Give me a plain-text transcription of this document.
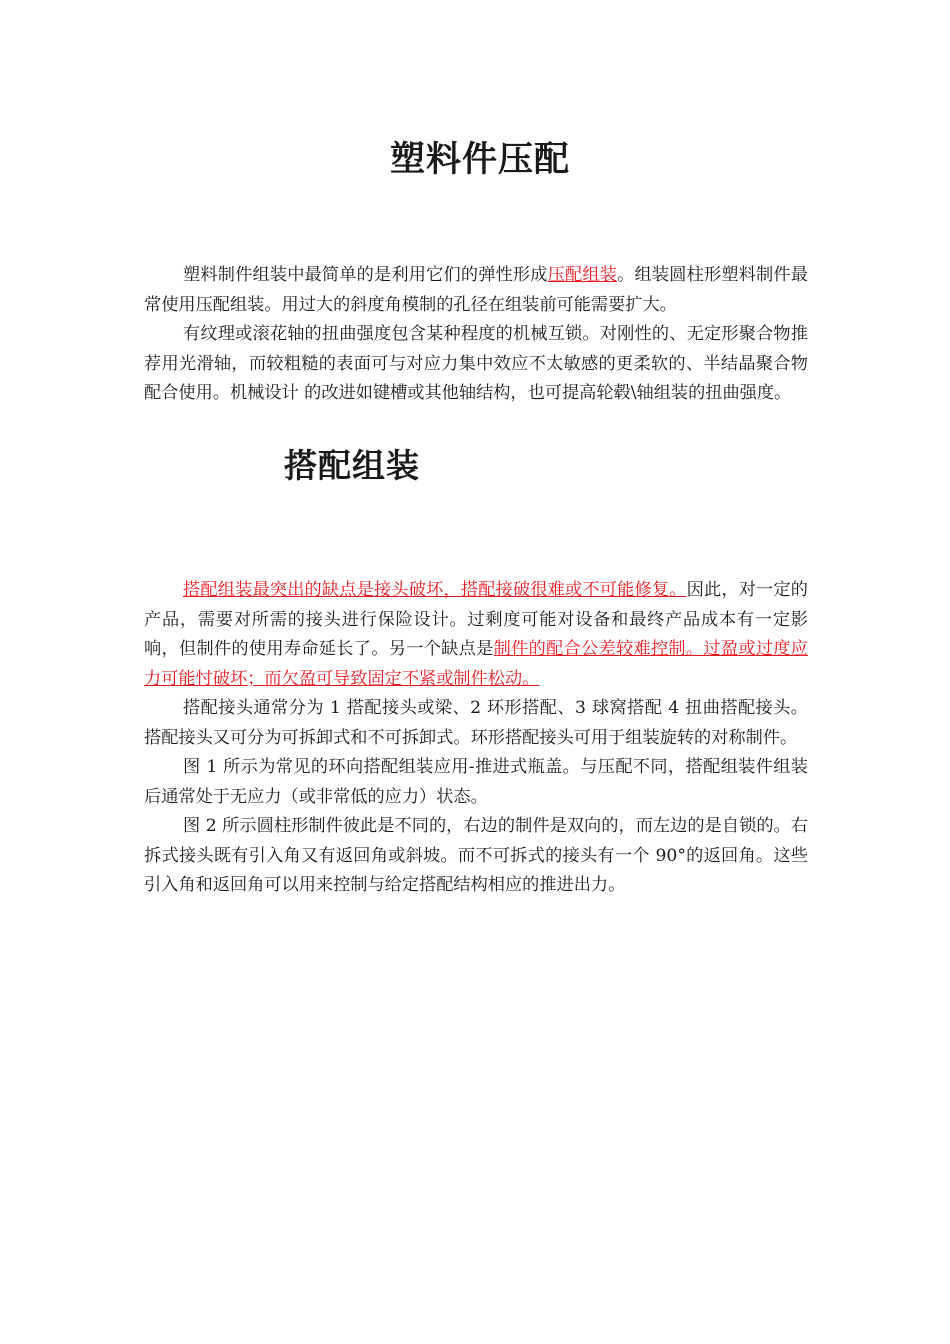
塑料件压配

塑料制件组装中最简单的是利用它们的弹性形成压配组装。组装圆柱形塑料制件最常使用压配组装。用过大的斜度角模制的孔径在组装前可能需要扩大。

有纹理或滚花轴的扭曲强度包含某种程度的机械互锁。对刚性的、无定形聚合物推荐用光滑轴，而较粗糙的表面可与对应力集中效应不太敏感的更柔软的、半结晶聚合物配合使用。机械设计 的改进如键槽或其他轴结构，也可提高轮毂\轴组装的扭曲强度。

搭配组装

搭配组装最突出的缺点是接头破坏，搭配接破很难或不可能修复。因此，对一定的产品，需要对所需的接头进行保险设计。过剩度可能对设备和最终产品成本有一定影响，但制件的使用寿命延长了。另一个缺点是制件的配合公差较难控制。过盈或过度应力可能忖破坏；而欠盈可导致固定不紧或制件松动。

搭配接头通常分为 1 搭配接头或梁、2 环形搭配、3 球窝搭配 4 扭曲搭配接头。搭配接头又可分为可拆卸式和不可拆卸式。环形搭配接头可用于组装旋转的对称制件。

图 1 所示为常见的环向搭配组装应用-推进式瓶盖。与压配不同，搭配组装件组装后通常处于无应力（或非常低的应力）状态。

图 2 所示圆柱形制件彼此是不同的，右边的制件是双向的，而左边的是自锁的。右拆式接头既有引入角又有返回角或斜坡。而不可拆式的接头有一个 90°的返回角。这些引入角和返回角可以用来控制与给定搭配结构相应的推进出力。
